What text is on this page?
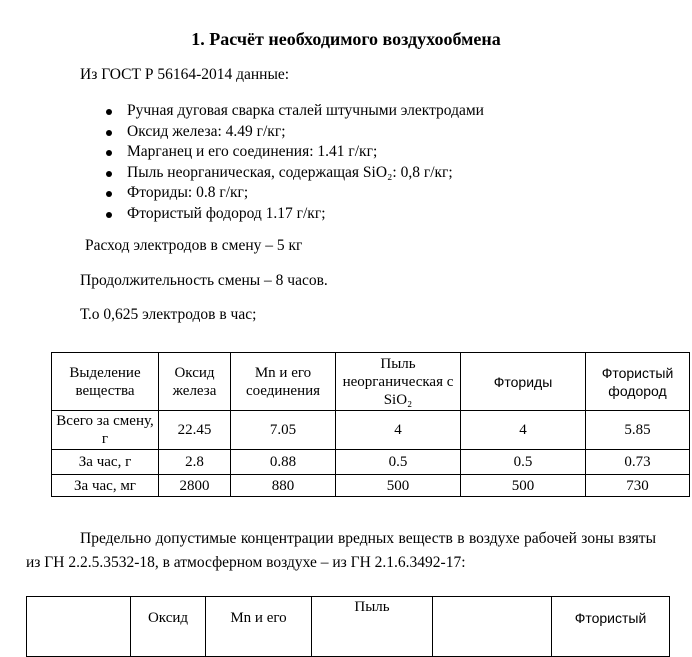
1. Расчёт необходимого воздухообмена
Из ГОСТ Р 56164-2014 данные:
Ручная дуговая сварка сталей штучными электродами
Оксид железа: 4.49 г/кг;
Марганец и его соединения: 1.41 г/кг;
Пыль неорганическая, содержащая SiO₂: 0,8 г/кг;
Фториды: 0.8 г/кг;
Фтористый фодород 1.17 г/кг;
Расход электродов в смену – 5 кг
Продолжительность смены – 8 часов.
Т.о 0,625 электродов в час;
Выделение вещества	Оксид железа	Mn и его соединения	Пыль неорганическая с SiO₂	Фториды	Фтористый фодород
Всего за смену, г	22.45	7.05	4	4	5.85
За час, г	2.8	0.88	0.5	0.5	0.73
За час, мг	2800	880	500	500	730
Предельно допустимые концентрации вредных веществ в воздухе рабочей зоны взяты из ГН 2.2.5.3532-18, в атмосферном воздухе – из ГН 2.1.6.3492-17:
	Оксид	Mn и его	Пыль		Фтористый
